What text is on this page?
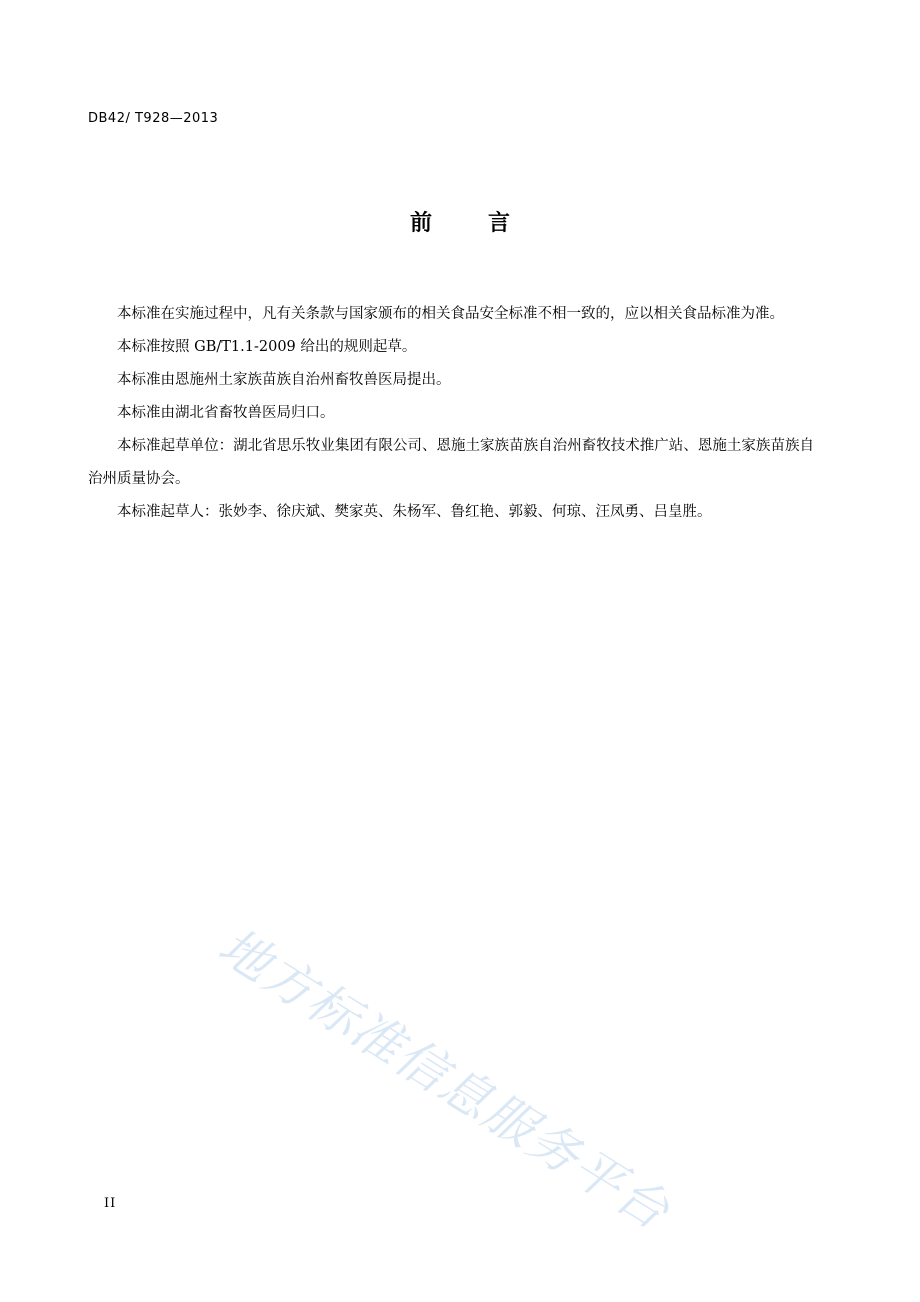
DB42/ T928—2013
前	言

本标准在实施过程中，凡有关条款与国家颁布的相关食品安全标准不相一致的，应以相关食品标准为准。

本标准按照 GB/T1.1-2009 给出的规则起草。

本标准由恩施州土家族苗族自治州畜牧兽医局提出。

本标准由湖北省畜牧兽医局归口。

本标准起草单位：湖北省思乐牧业集团有限公司、恩施土家族苗族自治州畜牧技术推广站、恩施土家族苗族自治州质量协会。

本标准起草人：张妙李、徐庆斌、樊家英、朱杨军、鲁红艳、郭毅、何琼、汪凤勇、吕皇胜。

地方标准信息服务平台
II
